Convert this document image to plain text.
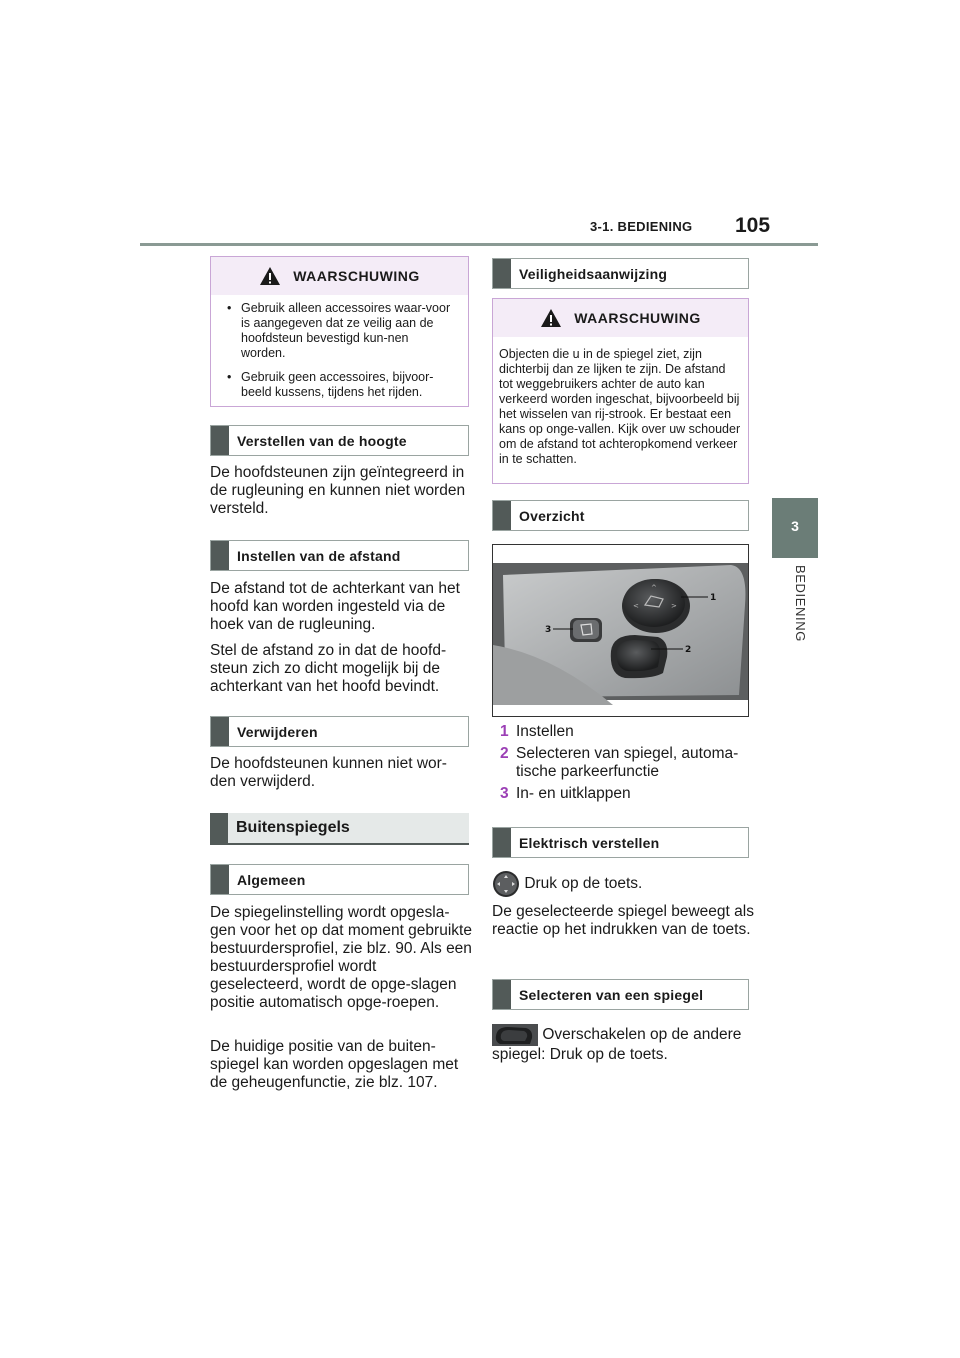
3-1. BEDIENING 105
3
BEDIENING
WAARSCHUWING
• Gebruik alleen accessoires waar-voor is aangegeven dat ze veilig aan de hoofdsteun bevestigd kun-nen worden.
• Gebruik geen accessoires, bijvoor-beeld kussens, tijdens het rijden.
Verstellen van de hoogte
De hoofdsteunen zijn geïntegreerd in de rugleuning en kunnen niet worden versteld.
Instellen van de afstand
De afstand tot de achterkant van het hoofd kan worden ingesteld via de hoek van de rugleuning.
Stel de afstand zo in dat de hoofd-steun zich zo dicht mogelijk bij de achterkant van het hoofd bevindt.
Verwijderen
De hoofdsteunen kunnen niet wor-den verwijderd.
Buitenspiegels
Algemeen
De spiegelinstelling wordt opgesla-gen voor het op dat moment gebruikte bestuurdersprofiel, zie blz. 90. Als een bestuurdersprofiel wordt geselecteerd, wordt de opge-slagen positie automatisch opge-roepen.
De huidige positie van de buiten-spiegel kan worden opgeslagen met de geheugenfunctie, zie blz. 107.
Veiligheidsaanwijzing
WAARSCHUWING
Objecten die u in de spiegel ziet, zijn dichterbij dan ze lijken te zijn. De afstand tot weggebruikers achter de auto kan verkeerd worden ingeschat, bijvoorbeeld bij het wisselen van rij-strook. Er bestaat een kans op onge-vallen. Kijk over uw schouder om de afstand tot achteropkomend verkeer in te schatten.
Overzicht
^
<	>
1
2
3
1 Instellen
2 Selecteren van spiegel, automa-tische parkeerfunctie
3 In- en uitklappen
Elektrisch verstellen
Druk op de toets.
De geselecteerde spiegel beweegt als reactie op het indrukken van de toets.
Selecteren van een spiegel
Overschakelen op de andere spiegel: Druk op de toets.
